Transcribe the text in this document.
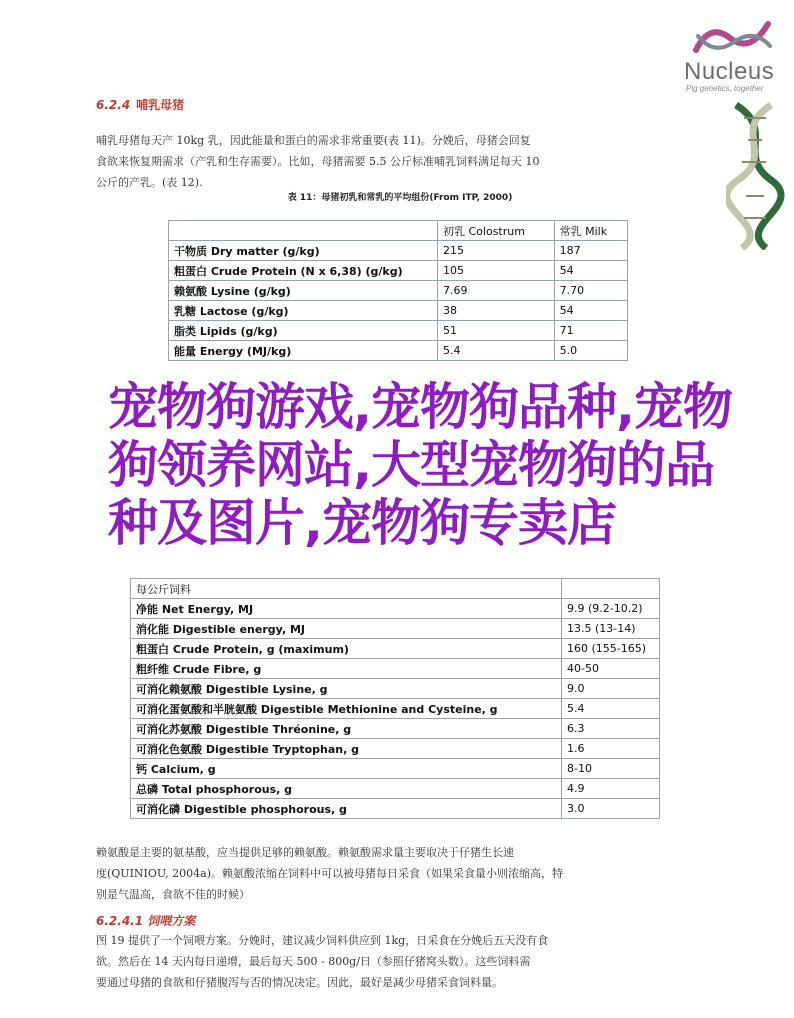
Nucleus
Pig genetics, together
6.2.4 哺乳母猪
哺乳母猪每天产 10kg 乳，因此能量和蛋白的需求非常重要(表 11)。分娩后，母猪会回复
食欲来恢复期需求（产乳和生存需要）。比如，母猪需要 5.5 公斤标准哺乳饲料满足每天 10
公斤的产乳。(表 12).
表 11：母猪初乳和常乳的平均组份(From ITP, 2000)
	初乳 Colostrum	常乳 Milk
干物质 Dry matter (g/kg)	215	187
粗蛋白 Crude Protein (N x 6,38) (g/kg)	105	54
赖氨酸 Lysine (g/kg)	7.69	7.70
乳糖 Lactose (g/kg)	38	54
脂类 Lipids (g/kg)	51	71
能量 Energy (MJ/kg)	5.4	5.0
每公斤饲料	
净能 Net Energy, MJ	9.9 (9.2-10.2)
消化能 Digestible energy, MJ	13.5 (13-14)
粗蛋白 Crude Protein, g (maximum)	160 (155-165)
粗纤维 Crude Fibre, g	40-50
可消化赖氨酸 Digestible Lysine, g	9.0
可消化蛋氨酸和半胱氨酸 Digestible Methionine and Cysteine, g	5.4
可消化苏氨酸 Digestible Thréonine, g	6.3
可消化色氨酸 Digestible Tryptophan, g	1.6
钙 Calcium, g	8-10
总磷 Total phosphorous, g	4.9
可消化磷 Digestible phosphorous, g	3.0
宠物狗游戏,宠物狗品种,宠物狗领养网站,大型宠物狗的品种及图片,宠物狗专卖店
赖氨酸是主要的氨基酸，应当提供足够的赖氨酸。赖氨酸需求量主要取决于仔猪生长速
度(QUINIOU, 2004a)。赖氨酸浓缩在饲料中可以被母猪每日采食（如果采食量小则浓缩高，特
别是气温高，食欲不佳的时候）
6.2.4.1 饲喂方案
图 19 提供了一个饲喂方案。分娩时，建议减少饲料供应到 1kg，日采食在分娩后五天没有食
欲。然后在 14 天内每日递增，最后每天 500 - 800g/日（参照仔猪窝头数）。这些饲料需
要通过母猪的食欲和仔猪腹泻与否的情况决定。因此，最好是减少母猪采食饲料量。
